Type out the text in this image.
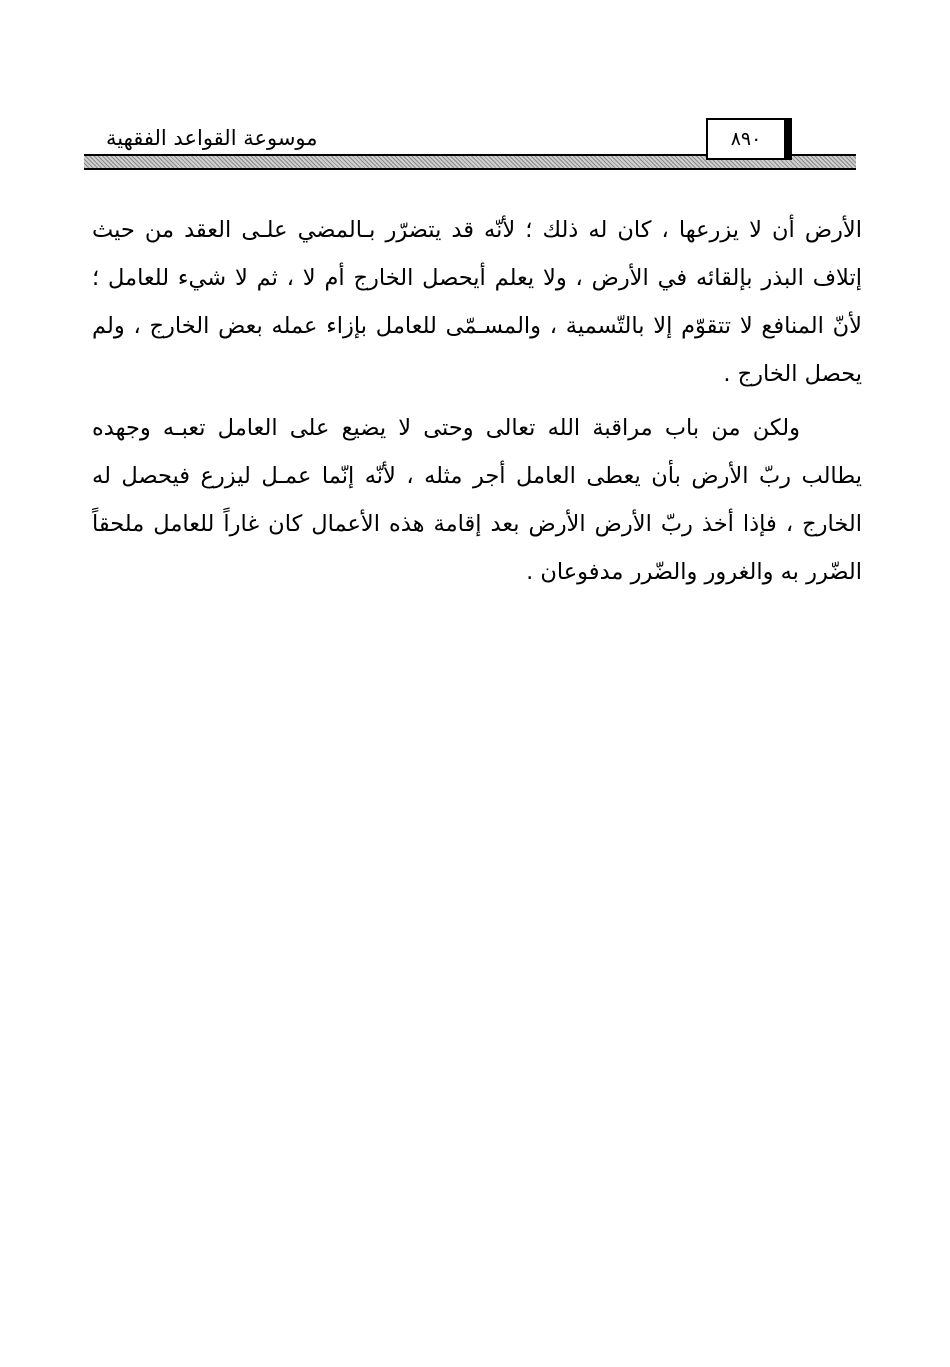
٨٩٠
موسوعة القواعد الفقهية

الأرض أن لا يزرعها ، كان له ذلك ؛ لأنّه قد يتضرّر بـالمضي علـى العقد من حيث إتلاف البذر بإلقائه في الأرض ، ولا يعلم أيحصل الخارج أم لا ، ثم لا شيء للعامل ؛ لأنّ المنافع لا تتقوّم إلا بالتّسمية ، والمسـمّى للعامل بإزاء عمله بعض الخارج ، ولم يحصل الخارج .

ولكن من باب مراقبة الله تعالى وحتى لا يضيع على العامل تعبـه وجهده يطالب ربّ الأرض بأن يعطى العامل أجر مثله ، لأنّه إنّما عمـل ليزرع فيحصل له الخارج ، فإذا أخذ ربّ الأرض الأرض بعد إقامة هذه الأعمال كان غاراً للعامل ملحقاً الضّرر به والغرور والضّرر مدفوعان .
